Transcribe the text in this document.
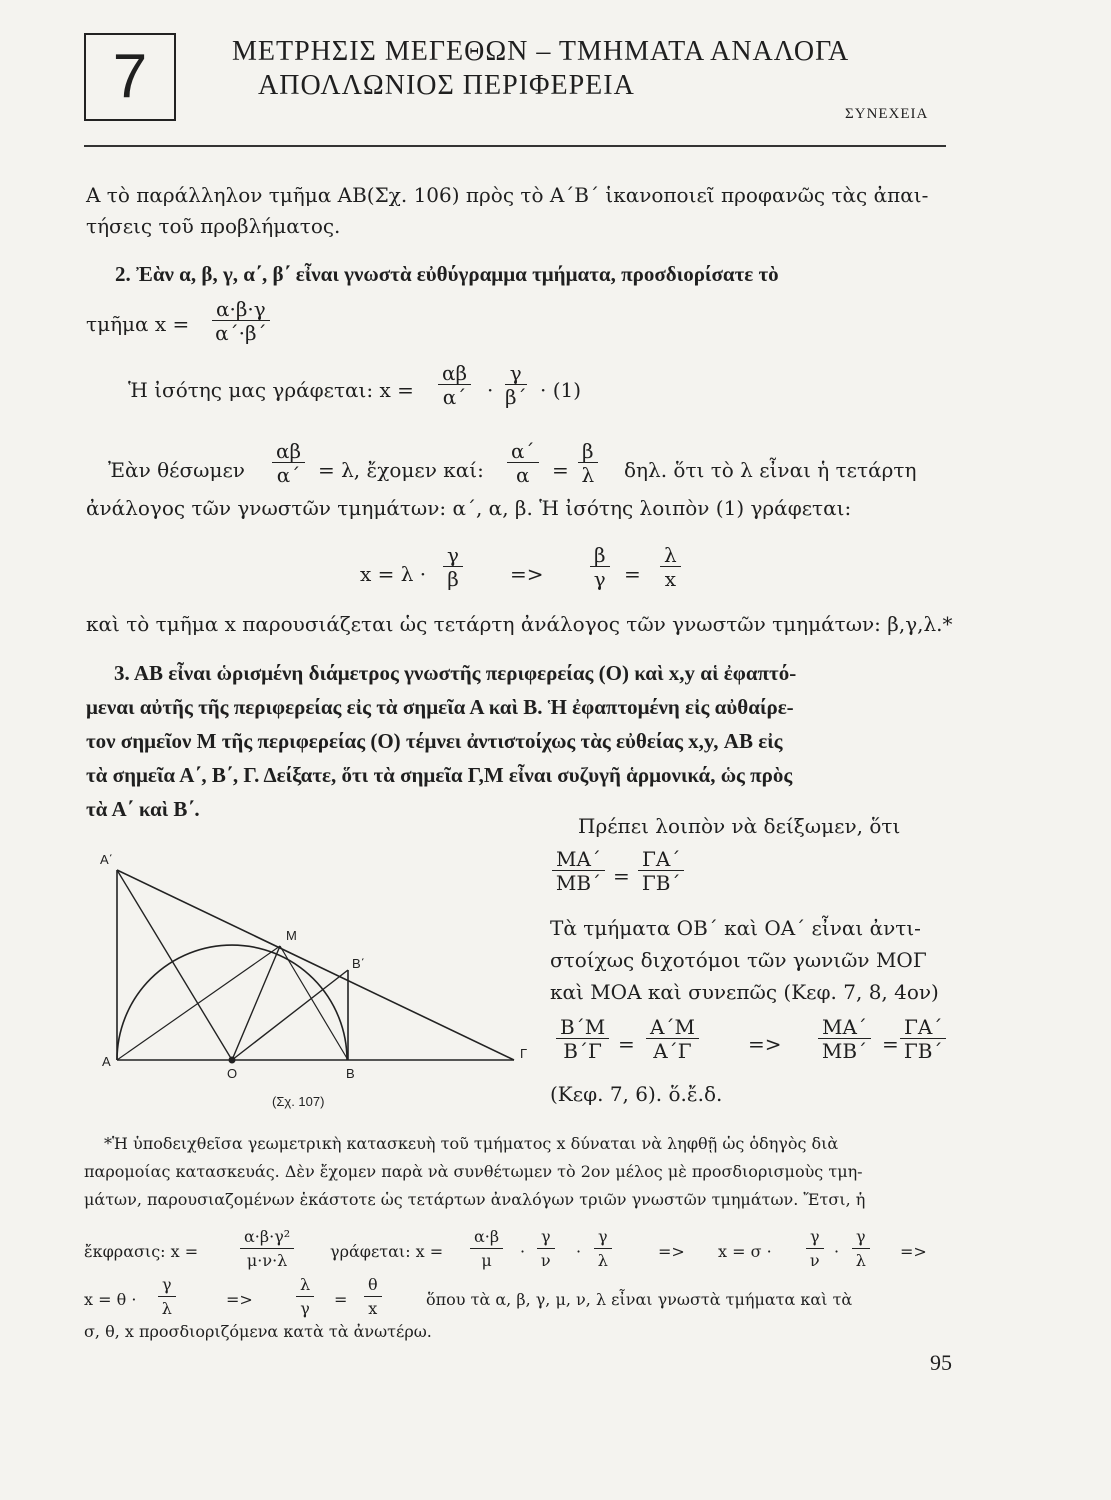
7	ΜΕΤΡΗΣΙΣ ΜΕΓΕΘΩΝ – ΤΜΗΜΑΤΑ ΑΝΑΛΟΓΑ
ΑΠΟΛΛΩΝΙΟΣ ΠΕΡΙΦΕΡΕΙΑ
ΣΥΝΕΧΕΙΑ
Α τὸ παράλληλον τμῆμα ΑΒ(Σχ. 106) πρὸς τὸ Α΄Β΄ ἱκανοποιεῖ προφανῶς τὰς ἀπαι-
τήσεις τοῦ προβλήματος.
2. Ἐὰν α, β, γ, α΄, β΄ εἶναι γνωστὰ εὐθύγραμμα τμήματα, προσδιορίσατε τὸ
τμῆμα $x = \frac{\alpha\cdot\beta\cdot\gamma}{\alpha΄\cdot\beta΄}$
Ἡ ἰσότης μας γράφεται: $x = \frac{\alpha\beta}{\alpha΄} \cdot \frac{\gamma}{\beta΄} \cdot (1)$
Ἐὰν θέσωμεν $\frac{\alpha\beta}{\alpha΄} = \lambda$, ἔχομεν καί: $\frac{\alpha΄}{\alpha} = \frac{\beta}{\lambda} \delta\eta\lambda$. ὅτι τὸ λ εἶναι ἡ τετάρτη
ἀνάλογος τῶν γνωστῶν τμημάτων: α΄, α, β. Ἡ ἰσότης λοιπὸν (1) γράφεται:
$x = \lambda \cdot \frac{\gamma}{\beta} => \frac{\beta}{\gamma} = \frac{\lambda}{x}$
καὶ τὸ τμῆμα x παρουσιάζεται ὡς τετάρτη ἀνάλογος τῶν γνωστῶν τμημάτων: β,γ,λ.*
3. ΑΒ εἶναι ὡρισμένη διάμετρος γνωστῆς περιφερείας (Ο) καὶ x,y αἱ ἐφαπτό-
μεναι αὐτῆς τῆς περιφερείας εἰς τὰ σημεῖα Α καὶ Β. Ἡ ἐφαπτομένη εἰς αὐθαίρε-
τον σημεῖον Μ τῆς περιφερείας (Ο) τέμνει ἀντιστοίχως τὰς εὐθείας x,y, ΑΒ εἰς
τὰ σημεῖα Α΄, Β΄, Γ. Δείξατε, ὅτι τὰ σημεῖα Γ,Μ εἶναι συζυγῆ ἁρμονικά, ὡς πρὸς
τὰ Α΄ καὶ Β΄.
Α΄
Μ
Β΄
Α
Ο	Β
Γ
(Σχ. 107)
Πρέπει λοιπὸν νὰ δείξωμεν, ὅτι
$\frac{MA΄}{MB΄} = \frac{\Gamma A΄}{\Gamma B΄}$
Τὰ τμήματα ΟΒ΄ καὶ ΟΑ΄ εἶναι ἀντι-
στοίχως διχοτόμοι τῶν γωνιῶν ΜΟΓ
καὶ ΜΟΑ καὶ συνεπῶς (Κεφ. 7, 8, 4ον)
$\frac{B΄M}{B΄\Gamma} = \frac{A΄M}{A΄\Gamma} => \frac{MA΄}{MB΄} = \frac{\Gamma A΄}{\Gamma B΄}$
(Κεφ. 7, 6). ὅ.ἔ.δ.
*Ἡ ὑποδειχθεῖσα γεωμετρικὴ κατασκευὴ τοῦ τμήματος x δύναται νὰ ληφθῇ ὡς ὁδηγὸς διὰ
παρομοίας κατασκευάς. Δὲν ἔχομεν παρὰ νὰ συνθέτωμεν τὸ 2ον μέλος μὲ προσδιορισμοὺς τμη-
μάτων, παρουσιαζομένων ἑκάστοτε ὡς τετάρτων ἀναλόγων τριῶν γνωστῶν τμημάτων. Ἔτσι, ἡ
ἔκφρασις: x =	$\frac{\text{α·β·γ²}}{\mu\cdot\nu\cdot\lambda} \gamma\rho ά\varphi\varepsilon\tau\alpha\iota$: $x = \frac{\alpha\cdot\beta}{\mu} \cdot \frac{\gamma}{\nu} \cdot \frac{\gamma}{\lambda}$	=> $x = \sigma \cdot \frac{\gamma}{\nu} \cdot \frac{\gamma}{\lambda}$ =>
$x = \theta \cdot \frac{\gamma}{\lambda}$	=>	$\frac{\lambda}{\gamma} = \frac{\theta}{x}$	ὅπου τὰ α, β, γ, μ, ν, λ εἶναι γνωστὰ τμήματα καὶ τὰ
σ, θ, x προσδιοριζόμενα κατὰ τὰ ἀνωτέρω.
95
